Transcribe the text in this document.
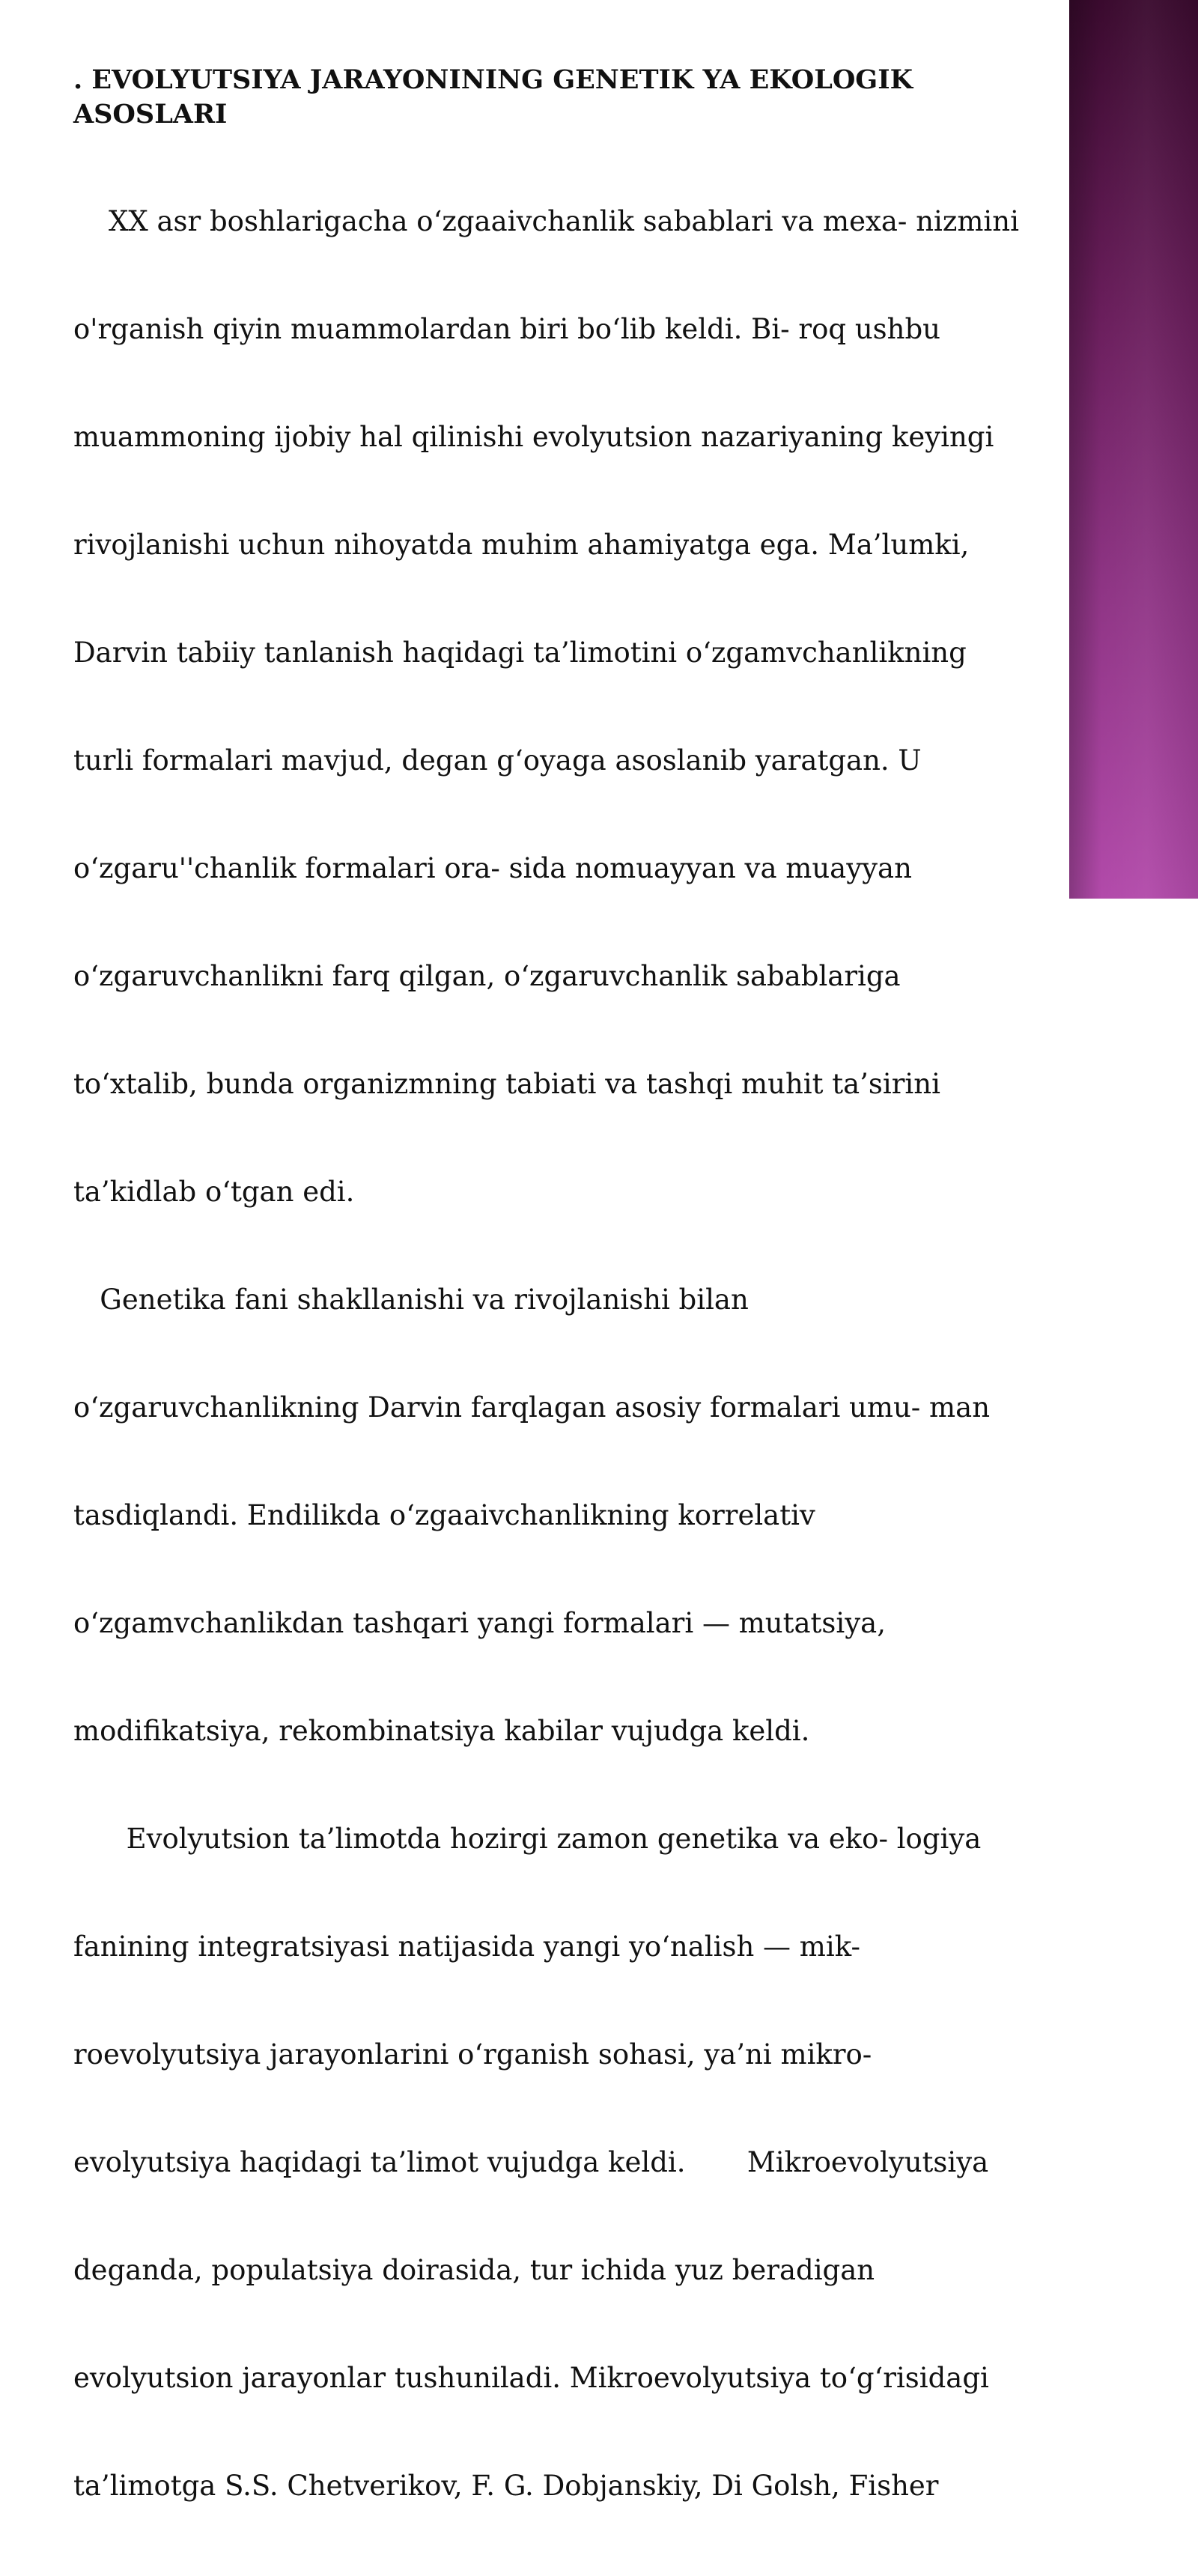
. EVOLYUTSIYA JARAYONINING GENETIK YA EKOLOGIK
ASOSLARI

XX asr boshlarigacha o‘zgaaivchanlik sabablari va mexa- nizmini

o'rganish qiyin muammolardan biri bo‘lib keldi. Bi- roq ushbu

muammoning ijobiy hal qilinishi evolyutsion nazariyaning keyingi

rivojlanishi uchun nihoyatda muhim ahamiyatga ega. Ma’lumki,

Darvin tabiiy tanlanish haqidagi ta’limotini o‘zgamvchanlikning

turli formalari mavjud, degan g‘oyaga asoslanib yaratgan. U

o‘zgaru''chanlik formalari ora- sida nomuayyan va muayyan

o‘zgaruvchanlikni farq qilgan, o‘zgaruvchanlik sabablariga

to‘xtalib, bunda organizmning tabiati va tashqi muhit ta’sirini

ta’kidlab o‘tgan edi.

Genetika fani shakllanishi va rivojlanishi bilan

o‘zgaruvchanlikning Darvin farqlagan asosiy formalari umu- man

tasdiqlandi. Endilikda o‘zgaaivchanlikning korrelativ

o‘zgamvchanlikdan tashqari yangi formalari — mutatsiya,

modifikatsiya, rekombinatsiya kabilar vujudga keldi.

Evolyutsion ta’limotda hozirgi zamon genetika va eko- logiya

fanining integratsiyasi natijasida yangi yo‘nalish — mik-

roevolyutsiya jarayonlarini o‘rganish sohasi, ya’ni mikro-

evolyutsiya haqidagi ta’limot vujudga keldi.       Mikroevolyutsiya

deganda, populatsiya doirasida, tur ichida yuz beradigan

evolyutsion jarayonlar tushuniladi. Mikroevolyutsiya to‘g‘risidagi

ta’limotga S.S. Chetverikov, F. G. Dobjanskiy, Di Golsh, Fisher
